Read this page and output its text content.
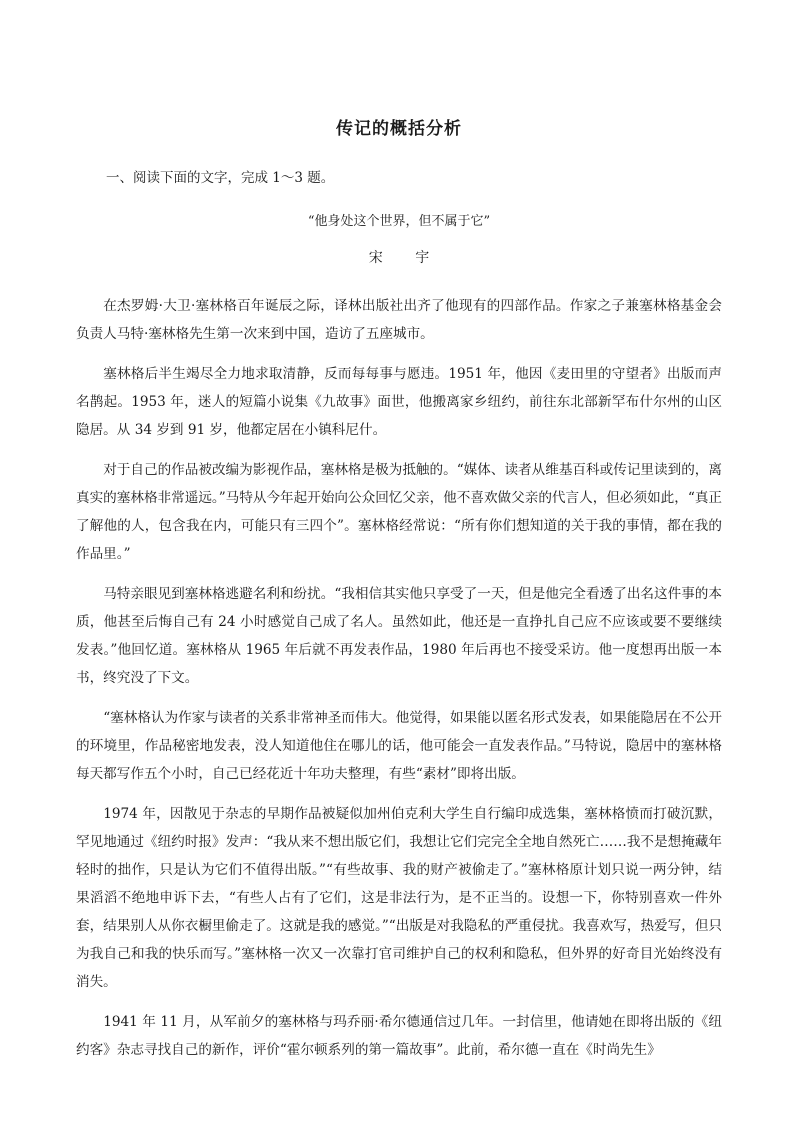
传记的概括分析
一、阅读下面的文字，完成 1～3 题。
“他身处这个世界，但不属于它”
宋 宇

在杰罗姆·大卫·塞林格百年诞辰之际，译林出版社出齐了他现有的四部作品。作家之子兼塞林格基金会负责人马特·塞林格先生第一次来到中国，造访了五座城市。

塞林格后半生竭尽全力地求取清静，反而每每事与愿违。1951 年，他因《麦田里的守望者》出版而声名鹊起。1953 年，迷人的短篇小说集《九故事》面世，他搬离家乡纽约，前往东北部新罕布什尔州的山区隐居。从 34 岁到 91 岁，他都定居在小镇科尼什。

对于自己的作品被改编为影视作品，塞林格是极为抵触的。“媒体、读者从维基百科或传记里读到的，离真实的塞林格非常遥远。”马特从今年起开始向公众回忆父亲，他不喜欢做父亲的代言人，但必须如此，“真正了解他的人，包含我在内，可能只有三四个”。塞林格经常说：“所有你们想知道的关于我的事情，都在我的作品里。”

马特亲眼见到塞林格逃避名利和纷扰。“我相信其实他只享受了一天，但是他完全看透了出名这件事的本质，他甚至后悔自己有 24 小时感觉自己成了名人。虽然如此，他还是一直挣扎自己应不应该或要不要继续发表。”他回忆道。塞林格从 1965 年后就不再发表作品，1980 年后再也不接受采访。他一度想再出版一本书，终究没了下文。

“塞林格认为作家与读者的关系非常神圣而伟大。他觉得，如果能以匿名形式发表，如果能隐居在不公开的环境里，作品秘密地发表，没人知道他住在哪儿的话，他可能会一直发表作品。”马特说，隐居中的塞林格每天都写作五个小时，自己已经花近十年功夫整理，有些“素材”即将出版。

1974 年，因散见于杂志的早期作品被疑似加州伯克利大学生自行编印成选集，塞林格愤而打破沉默，罕见地通过《纽约时报》发声：“我从来不想出版它们，我想让它们完完全全地自然死亡……我不是想掩藏年轻时的拙作，只是认为它们不值得出版。”“有些故事、我的财产被偷走了。”塞林格原计划只说一两分钟，结果滔滔不绝地申诉下去，“有些人占有了它们，这是非法行为，是不正当的。设想一下，你特别喜欢一件外套，结果别人从你衣橱里偷走了。这就是我的感觉。”“出版是对我隐私的严重侵扰。我喜欢写，热爱写，但只为我自己和我的快乐而写。”塞林格一次又一次靠打官司维护自己的权利和隐私，但外界的好奇目光始终没有消失。

1941 年 11 月，从军前夕的塞林格与玛乔丽·希尔德通信过几年。一封信里，他请她在即将出版的《纽约客》杂志寻找自己的新作，评价“霍尔顿系列的第一篇故事”。此前，希尔德一直在《时尚先生》
